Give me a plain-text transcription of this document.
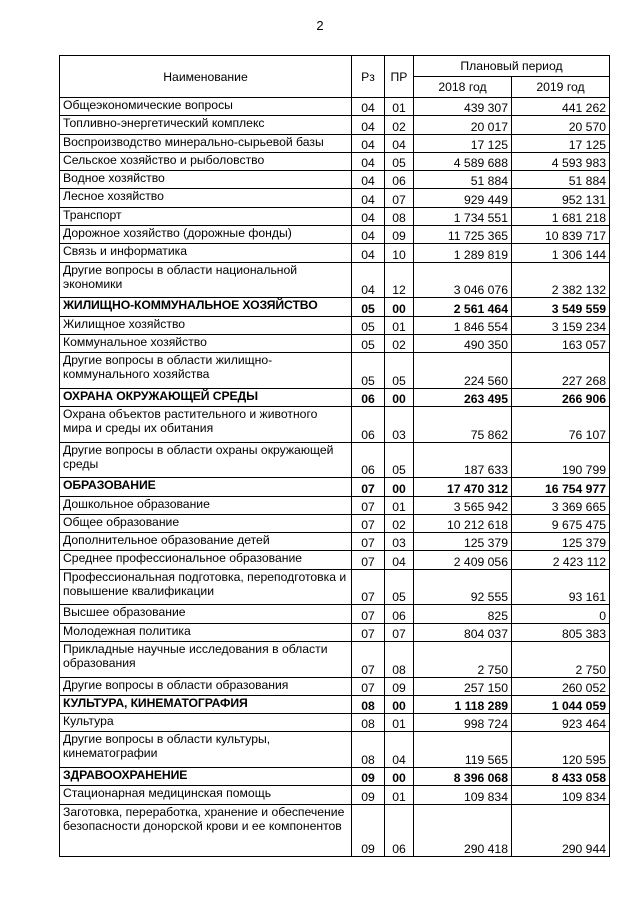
2
Наименование	Рз	ПР	Плановый период	
			2018 год	2019 год
Общеэкономические вопросы	04	01	439 307	441 262
Топливно-энергетический комплекс	04	02	20 017	20 570
Воспроизводство минерально-сырьевой базы	04	04	17 125	17 125
Сельское хозяйство и рыболовство	04	05	4 589 688	4 593 983
Водное хозяйство	04	06	51 884	51 884
Лесное хозяйство	04	07	929 449	952 131
Транспорт	04	08	1 734 551	1 681 218
Дорожное хозяйство (дорожные фонды)	04	09	11 725 365	10 839 717
Связь и информатика	04	10	1 289 819	1 306 144
Другие вопросы в области национальной экономики	04	12	3 046 076	2 382 132
ЖИЛИЩНО-КОММУНАЛЬНОЕ ХОЗЯЙСТВО	05	00	2 561 464	3 549 559
Жилищное хозяйство	05	01	1 846 554	3 159 234
Коммунальное хозяйство	05	02	490 350	163 057
Другие вопросы в области жилищно-коммунального хозяйства	05	05	224 560	227 268
ОХРАНА ОКРУЖАЮЩЕЙ СРЕДЫ	06	00	263 495	266 906
Охрана объектов растительного и животного мира и среды их обитания	06	03	75 862	76 107
Другие вопросы в области охраны окружающей среды	06	05	187 633	190 799
ОБРАЗОВАНИЕ	07	00	17 470 312	16 754 977
Дошкольное образование	07	01	3 565 942	3 369 665
Общее образование	07	02	10 212 618	9 675 475
Дополнительное образование детей	07	03	125 379	125 379
Среднее профессиональное образование	07	04	2 409 056	2 423 112
Профессиональная подготовка, переподготовка и повышение квалификации	07	05	92 555	93 161
Высшее образование	07	06	825	0
Молодежная политика	07	07	804 037	805 383
Прикладные научные исследования в области образования	07	08	2 750	2 750
Другие вопросы в области образования	07	09	257 150	260 052
КУЛЬТУРА, КИНЕМАТОГРАФИЯ	08	00	1 118 289	1 044 059
Культура	08	01	998 724	923 464
Другие вопросы в области культуры, кинематографии	08	04	119 565	120 595
ЗДРАВООХРАНЕНИЕ	09	00	8 396 068	8 433 058
Стационарная медицинская помощь	09	01	109 834	109 834
Заготовка, переработка, хранение и обеспечение безопасности донорской крови и ее компонентов	09	06	290 418	290 944
